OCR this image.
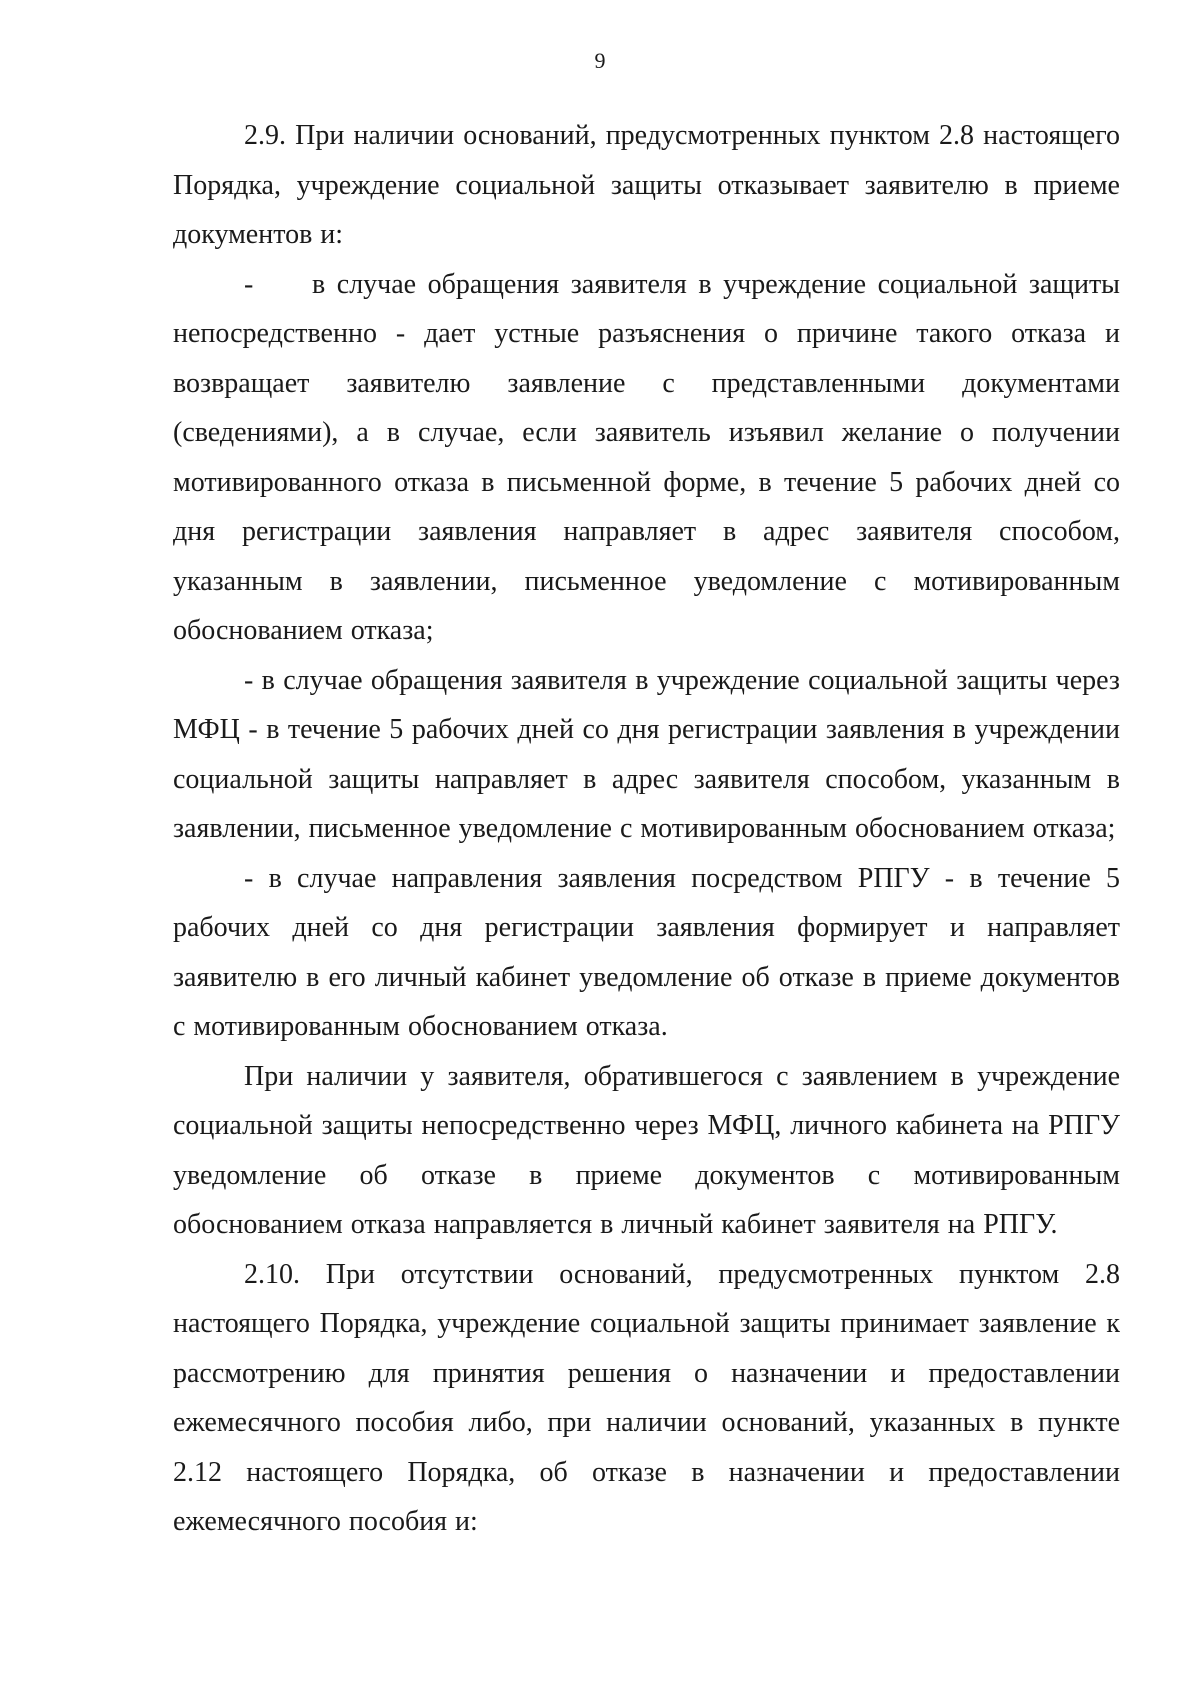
9

2.9. При наличии оснований, предусмотренных пунктом 2.8 настоящего Порядка, учреждение социальной защиты отказывает заявителю в приеме документов и:

- в случае обращения заявителя в учреждение социальной защиты непосредственно - дает устные разъяснения о причине такого отказа и возвращает заявителю заявление с представленными документами (сведениями), а в случае, если заявитель изъявил желание о получении мотивированного отказа в письменной форме, в течение 5 рабочих дней со дня регистрации заявления направляет в адрес заявителя способом, указанным в заявлении, письменное уведомление с мотивированным обоснованием отказа;

- в случае обращения заявителя в учреждение социальной защиты через МФЦ - в течение 5 рабочих дней со дня регистрации заявления в учреждении социальной защиты направляет в адрес заявителя способом, указанным в заявлении, письменное уведомление с мотивированным обоснованием отказа;

- в случае направления заявления посредством РПГУ - в течение 5 рабочих дней со дня регистрации заявления формирует и направляет заявителю в его личный кабинет уведомление об отказе в приеме документов с мотивированным обоснованием отказа.

При наличии у заявителя, обратившегося с заявлением в учреждение социальной защиты непосредственно через МФЦ, личного кабинета на РПГУ уведомление об отказе в приеме документов с мотивированным обоснованием отказа направляется в личный кабинет заявителя на РПГУ.

2.10. При отсутствии оснований, предусмотренных пунктом 2.8 настоящего Порядка, учреждение социальной защиты принимает заявление к рассмотрению для принятия решения о назначении и предоставлении ежемесячного пособия либо, при наличии оснований, указанных в пункте 2.12 настоящего Порядка, об отказе в назначении и предоставлении ежемесячного пособия и:
